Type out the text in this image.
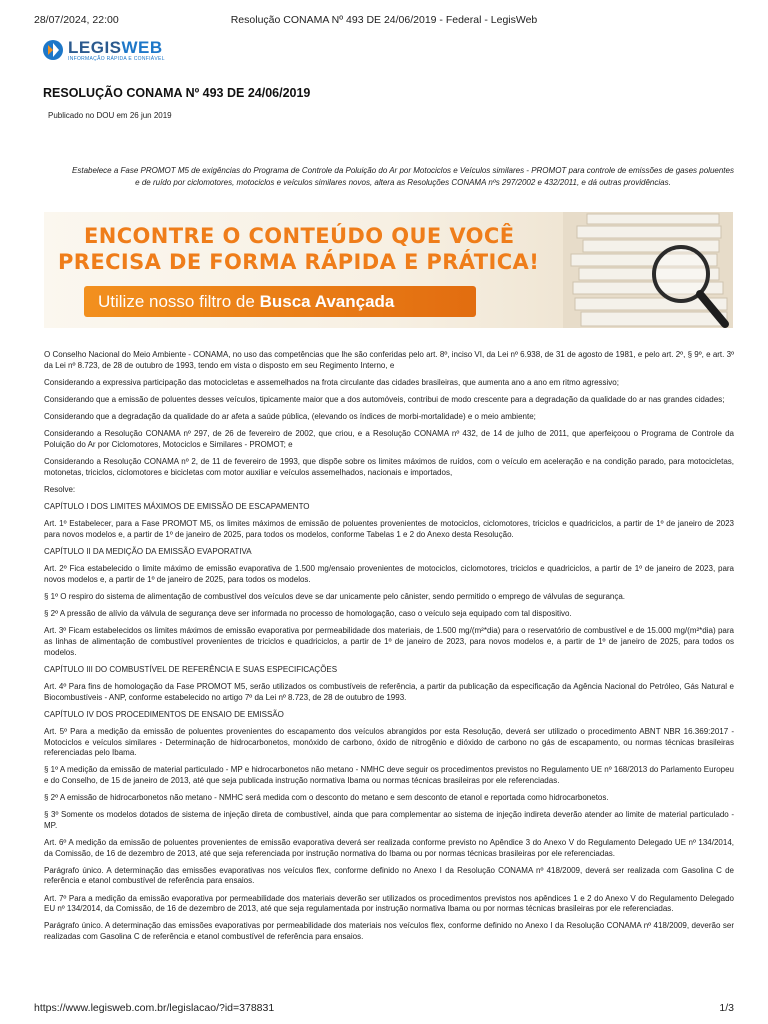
28/07/2024, 22:00	Resolução CONAMA Nº 493 DE 24/06/2019 - Federal - LegisWeb
LEGISWEB
INFORMAÇÃO RÁPIDA E CONFIÁVEL
RESOLUÇÃO CONAMA Nº 493 DE 24/06/2019
Publicado no DOU em 26 jun 2019
Estabelece a Fase PROMOT M5 de exigências do Programa de Controle da Poluição do Ar por Motociclos e Veículos similares - PROMOT para controle de emissões de gases poluentes e de ruído por ciclomotores, motociclos e veículos similares novos, altera as Resoluções CONAMA nºs 297/2002 e 432/2011, e dá outras providências.
ENCONTRE O CONTEÚDO QUE VOCÊ
PRECISA DE FORMA RÁPIDA E PRÁTICA!
Utilize nosso filtro de Busca Avançada

O Conselho Nacional do Meio Ambiente - CONAMA, no uso das competências que lhe são conferidas pelo art. 8º, inciso VI, da Lei nº 6.938, de 31 de agosto de 1981, e pelo art. 2º, § 9º, e art. 3º da Lei nº 8.723, de 28 de outubro de 1993, tendo em vista o disposto em seu Regimento Interno, e

Considerando a expressiva participação das motocicletas e assemelhados na frota circulante das cidades brasileiras, que aumenta ano a ano em ritmo agressivo;

Considerando que a emissão de poluentes desses veículos, tipicamente maior que a dos automóveis, contribui de modo crescente para a degradação da qualidade do ar nas grandes cidades;

Considerando que a degradação da qualidade do ar afeta a saúde pública, (elevando os índices de morbi-mortalidade) e o meio ambiente;

Considerando a Resolução CONAMA nº 297, de 26 de fevereiro de 2002, que criou, e a Resolução CONAMA nº 432, de 14 de julho de 2011, que aperfeiçoou o Programa de Controle da Poluição do Ar por Ciclomotores, Motociclos e Similares - PROMOT; e

Considerando a Resolução CONAMA nº 2, de 11 de fevereiro de 1993, que dispõe sobre os limites máximos de ruídos, com o veículo em aceleração e na condição parado, para motocicletas, motonetas, triciclos, ciclomotores e bicicletas com motor auxiliar e veículos assemelhados, nacionais e importados,

Resolve:

CAPÍTULO I DOS LIMITES MÁXIMOS DE EMISSÃO DE ESCAPAMENTO

Art. 1º Estabelecer, para a Fase PROMOT M5, os limites máximos de emissão de poluentes provenientes de motociclos, ciclomotores, triciclos e quadriciclos, a partir de 1º de janeiro de 2023 para novos modelos e, a partir de 1º de janeiro de 2025, para todos os modelos, conforme Tabelas 1 e 2 do Anexo desta Resolução.

CAPÍTULO II DA MEDIÇÃO DA EMISSÃO EVAPORATIVA

Art. 2º Fica estabelecido o limite máximo de emissão evaporativa de 1.500 mg/ensaio provenientes de motociclos, ciclomotores, triciclos e quadriciclos, a partir de 1º de janeiro de 2023, para novos modelos e, a partir de 1º de janeiro de 2025, para todos os modelos.

§ 1º O respiro do sistema de alimentação de combustível dos veículos deve se dar unicamente pelo cânister, sendo permitido o emprego de válvulas de segurança.

§ 2º A pressão de alívio da válvula de segurança deve ser informada no processo de homologação, caso o veículo seja equipado com tal dispositivo.

Art. 3º Ficam estabelecidos os limites máximos de emissão evaporativa por permeabilidade dos materiais, de 1.500 mg/(m²*dia) para o reservatório de combustível e de 15.000 mg/(m²*dia) para as linhas de alimentação de combustível provenientes de triciclos e quadriciclos, a partir de 1º de janeiro de 2023, para novos modelos e, a partir de 1º de janeiro de 2025, para todos os modelos.

CAPÍTULO III DO COMBUSTÍVEL DE REFERÊNCIA E SUAS ESPECIFICAÇÕES

Art. 4º Para fins de homologação da Fase PROMOT M5, serão utilizados os combustíveis de referência, a partir da publicação da especificação da Agência Nacional do Petróleo, Gás Natural e Biocombustíveis - ANP, conforme estabelecido no artigo 7º da Lei nº 8.723, de 28 de outubro de 1993.

CAPÍTULO IV DOS PROCEDIMENTOS DE ENSAIO DE EMISSÃO

Art. 5º Para a medição da emissão de poluentes provenientes do escapamento dos veículos abrangidos por esta Resolução, deverá ser utilizado o procedimento ABNT NBR 16.369:2017 - Motociclos e veículos similares - Determinação de hidrocarbonetos, monóxido de carbono, óxido de nitrogênio e dióxido de carbono no gás de escapamento, ou normas técnicas brasileiras referenciadas pelo Ibama.

§ 1º A medição da emissão de material particulado - MP e hidrocarbonetos não metano - NMHC deve seguir os procedimentos previstos no Regulamento UE nº 168/2013 do Parlamento Europeu e do Conselho, de 15 de janeiro de 2013, até que seja publicada instrução normativa Ibama ou normas técnicas brasileiras por ele referenciadas.

§ 2º A emissão de hidrocarbonetos não metano - NMHC será medida com o desconto do metano e sem desconto de etanol e reportada como hidrocarbonetos.

§ 3º Somente os modelos dotados de sistema de injeção direta de combustível, ainda que para complementar ao sistema de injeção indireta deverão atender ao limite de material particulado - MP.

Art. 6º A medição da emissão de poluentes provenientes de emissão evaporativa deverá ser realizada conforme previsto no Apêndice 3 do Anexo V do Regulamento Delegado UE nº 134/2014, da Comissão, de 16 de dezembro de 2013, até que seja referenciada por instrução normativa do Ibama ou por normas técnicas brasileiras por ele referenciadas.

Parágrafo único. A determinação das emissões evaporativas nos veículos flex, conforme definido no Anexo I da Resolução CONAMA nº 418/2009, deverá ser realizada com Gasolina C de referência e etanol combustível de referência para ensaios.

Art. 7º Para a medição da emissão evaporativa por permeabilidade dos materiais deverão ser utilizados os procedimentos previstos nos apêndices 1 e 2 do Anexo V do Regulamento Delegado EU nº 134/2014, da Comissão, de 16 de dezembro de 2013, até que seja regulamentada por instrução normativa Ibama ou por normas técnicas brasileiras por ele referenciadas.

Parágrafo único. A determinação das emissões evaporativas por permeabilidade dos materiais nos veículos flex, conforme definido no Anexo I da Resolução CONAMA nº 418/2009, deverão ser realizadas com Gasolina C de referência e etanol combustível de referência para ensaios.

https://www.legisweb.com.br/legislacao/?id=378831	1/3
